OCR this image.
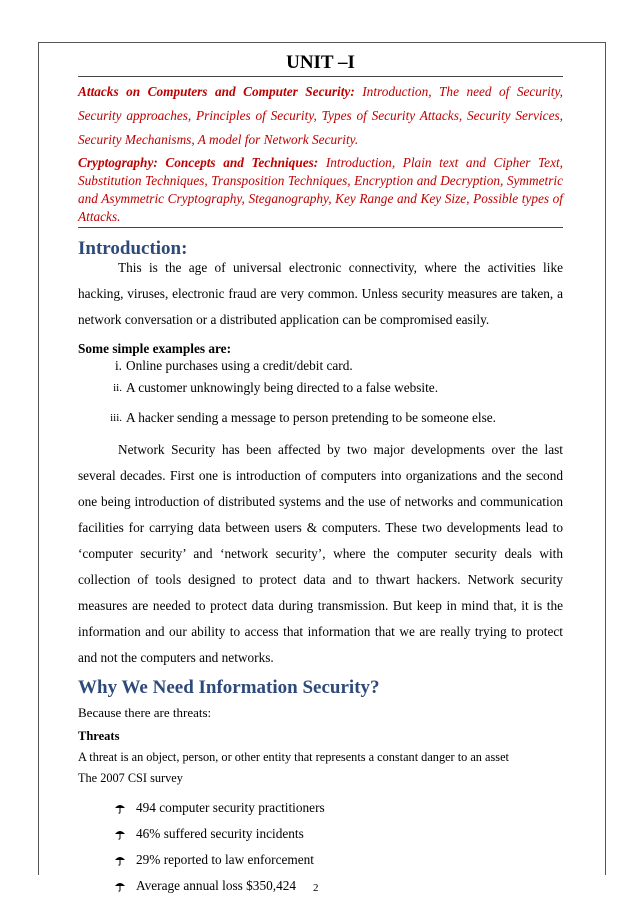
UNIT –I

Attacks on Computers and Computer Security: Introduction, The need of Security, Security approaches, Principles of Security, Types of Security Attacks, Security Services, Security Mechanisms, A model for Network Security.

Cryptography: Concepts and Techniques: Introduction, Plain text and Cipher Text, Substitution Techniques, Transposition Techniques, Encryption and Decryption, Symmetric and Asymmetric Cryptography, Steganography, Key Range and Key Size, Possible types of Attacks.

Introduction:

This is the age of universal electronic connectivity, where the activities like hacking, viruses, electronic fraud are very common. Unless security measures are taken, a network conversation or a distributed application can be compromised easily.

Some simple examples are:

i. Online purchases using a credit/debit card.
ii. A customer unknowingly being directed to a false website.
iii. A hacker sending a message to person pretending to be someone else.

Network Security has been affected by two major developments over the last several decades. First one is introduction of computers into organizations and the second one being introduction of distributed systems and the use of networks and communication facilities for carrying data between users & computers. These two developments lead to ‘computer security’ and ‘network security’, where the computer security deals with collection of tools designed to protect data and to thwart hackers. Network security measures are needed to protect data during transmission. But keep in mind that, it is the information and our ability to access that information that we are really trying to protect and not the computers and networks.

Why We Need Information Security?

Because there are threats:

Threats

A threat is an object, person, or other entity that represents a constant danger to an asset

The 2007 CSI survey

494 computer security practitioners
46% suffered security incidents
29% reported to law enforcement
Average annual loss $350,424	2
